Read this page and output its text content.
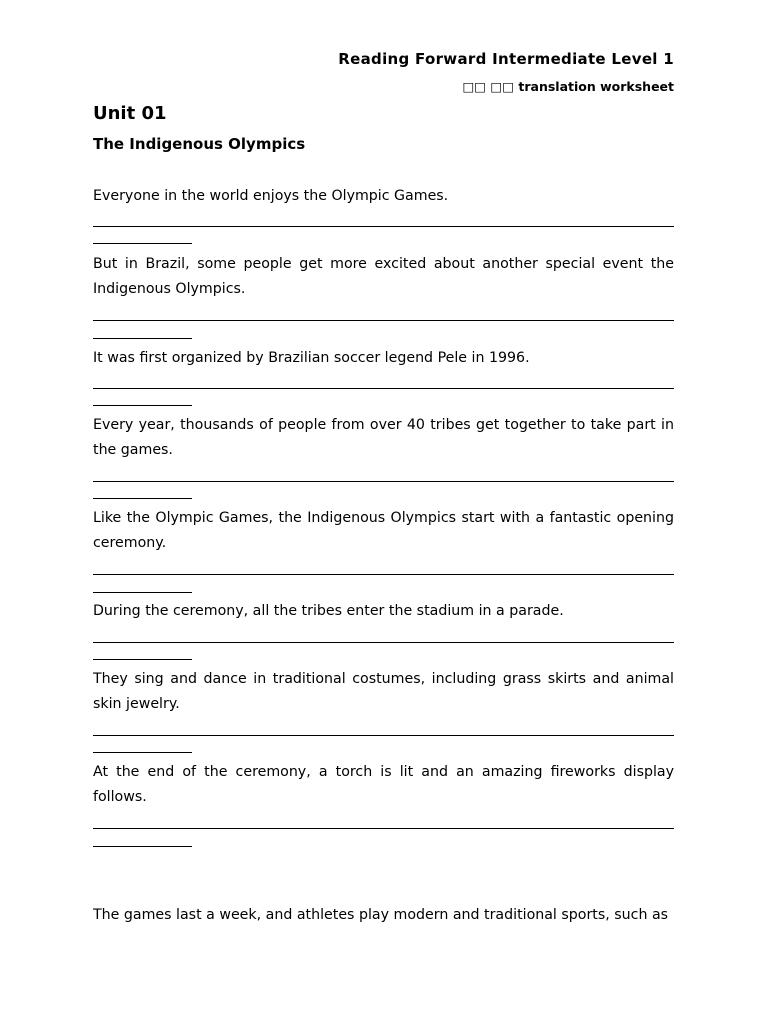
Reading Forward Intermediate Level 1
□□ □□ translation worksheet
Unit 01
The Indigenous Olympics
Everyone in the world enjoys the Olympic Games.
But in Brazil, some people get more excited about another special event the Indigenous Olympics.
It was first organized by Brazilian soccer legend Pele in 1996.
Every year, thousands of people from over 40 tribes get together to take part in the games.
Like the Olympic Games, the Indigenous Olympics start with a fantastic opening ceremony.
During the ceremony, all the tribes enter the stadium in a parade.
They sing and dance in traditional costumes, including grass skirts and animal skin jewelry.
At the end of the ceremony, a torch is lit and an amazing fireworks display follows.
The games last a week, and athletes play modern and traditional sports, such as
